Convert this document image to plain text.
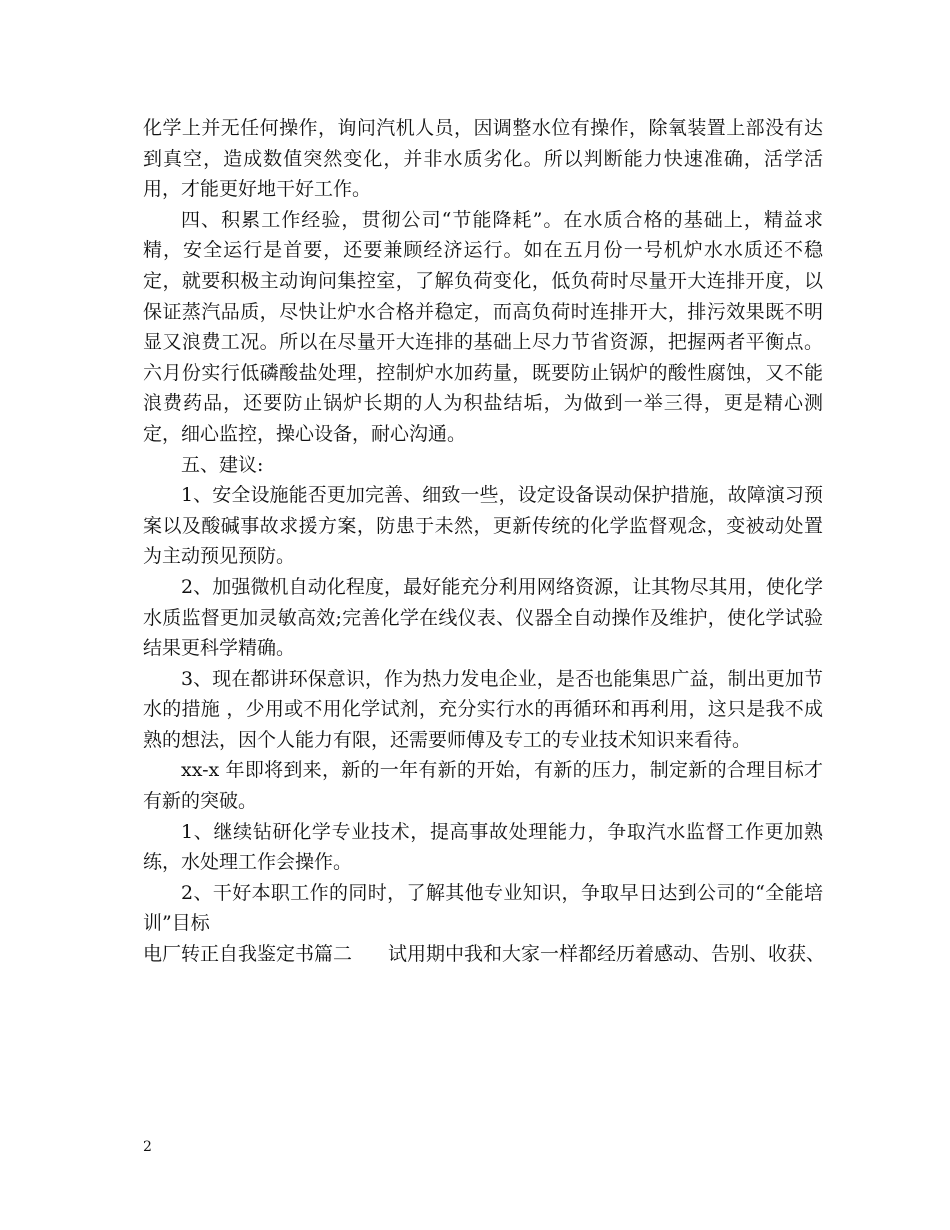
化学上并无任何操作，询问汽机人员，因调整水位有操作，除氧装置上部没有达到真空，造成数值突然变化，并非水质劣化。所以判断能力快速准确，活学活用，才能更好地干好工作。

四、积累工作经验，贯彻公司“节能降耗”。在水质合格的基础上，精益求精，安全运行是首要，还要兼顾经济运行。如在五月份一号机炉水水质还不稳定，就要积极主动询问集控室，了解负荷变化，低负荷时尽量开大连排开度，以保证蒸汽品质，尽快让炉水合格并稳定，而高负荷时连排开大，排污效果既不明显又浪费工况。所以在尽量开大连排的基础上尽力节省资源，把握两者平衡点。六月份实行低磷酸盐处理，控制炉水加药量，既要防止锅炉的酸性腐蚀，又不能浪费药品，还要防止锅炉长期的人为积盐结垢，为做到一举三得，更是精心测定，细心监控，操心设备，耐心沟通。

五、建议:

1、安全设施能否更加完善、细致一些，设定设备误动保护措施，故障演习预案以及酸碱事故求援方案，防患于未然，更新传统的化学监督观念，变被动处置为主动预见预防。

2、加强微机自动化程度，最好能充分利用网络资源，让其物尽其用，使化学水质监督更加灵敏高效;完善化学在线仪表、仪器全自动操作及维护，使化学试验结果更科学精确。

3、现在都讲环保意识，作为热力发电企业，是否也能集思广益，制出更加节水的措施 ，少用或不用化学试剂，充分实行水的再循环和再利用，这只是我不成熟的想法，因个人能力有限，还需要师傅及专工的专业技术知识来看待。

xx-x 年即将到来，新的一年有新的开始，有新的压力，制定新的合理目标才有新的突破。

1、继续钻研化学专业技术，提高事故处理能力，争取汽水监督工作更加熟练，水处理工作会操作。

2、干好本职工作的同时，了解其他专业知识，争取早日达到公司的“全能培训”目标

电厂转正自我鉴定书篇二 试用期中我和大家一样都经历着感动、告别、收获、
2
